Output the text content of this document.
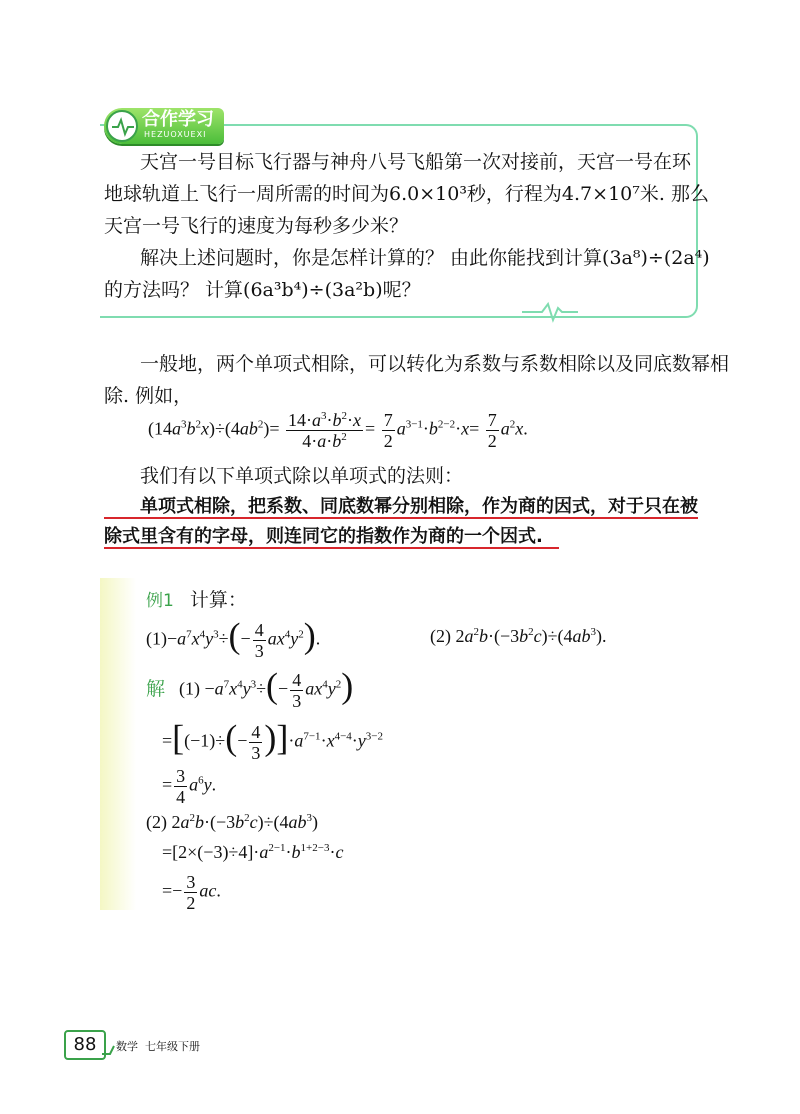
合作学习
HEZUOXUEXI
天宫一号目标飞行器与神舟八号飞船第一次对接前，天宫一号在环
地球轨道上飞行一周所需的时间为6.0×10³秒，行程为4.7×10⁷米. 那么
天宫一号飞行的速度为每秒多少米？
解决上述问题时，你是怎样计算的？ 由此你能找到计算(3a⁸)÷(2a⁴)
的方法吗？ 计算(6a³b⁴)÷(3a²b)呢？
一般地，两个单项式相除，可以转化为系数与系数相除以及同底数幂相
除. 例如，
$(14a^3b^2x)\div(4ab^2)= \frac{14\cdot a^3\cdot b^2\cdot x}{4\cdot a\cdot b^2} = \frac{7}{2} a^{3-1}\cdot b^{2-2}\cdot x= \frac{7}{2} a^2x$.
我们有以下单项式除以单项式的法则：
单项式相除，把系数、同底数幂分别相除，作为商的因式，对于只在被
除式里含有的字母，则连同它的指数作为商的一个因式.
例1 计算：
$(1)-a^7x^4y^3\div(- \frac{4}{3} ax^4y^2)$.	(2) $2a^2b\cdot(-3b^2c)\div(4ab^3)$.
解 $(1) -a^7x^4y^3\div(- \frac{4}{3} ax^4y^2)$
$=[(-1)\div(- \frac{4}{3} )]\cdot a^{7-1}\cdot x^{4-4}\cdot y^{3-2}$
= $\frac{3}{4} a^6y$.
(2) $2a^2b\cdot(-3b^2c)\div(4ab^3)$
$=[2\times(-3)\div 4]\cdot a^{2-1}\cdot b^{1+2-3}\cdot c$
=− $\frac{3}{2}$ ac.
88	数学  七年级下册
